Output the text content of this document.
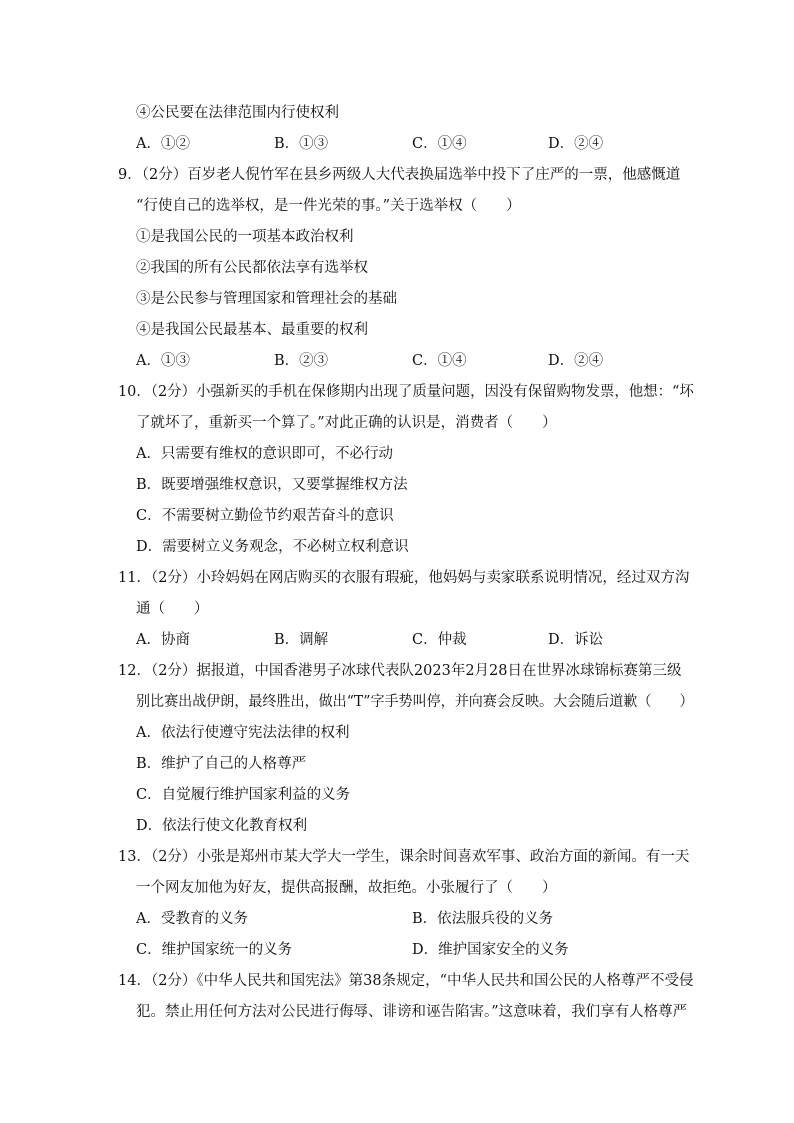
④公民要在法律范围内行使权利
A．①②	B．①③	C．①④	D．②④
9．（2分）百岁老人倪竹军在县乡两级人大代表换届选举中投下了庄严的一票，他感慨道
“行使自己的选举权，是一件光荣的事。”关于选举权（　　）
①是我国公民的一项基本政治权利
②我国的所有公民都依法享有选举权
③是公民参与管理国家和管理社会的基础
④是我国公民最基本、最重要的权利
A．①③	B．②③	C．①④	D．②④
10．（2分）小强新买的手机在保修期内出现了质量问题，因没有保留购物发票，他想：“坏
了就坏了，重新买一个算了。”对此正确的认识是，消费者（　　）
A．只需要有维权的意识即可，不必行动
B．既要增强维权意识，又要掌握维权方法
C．不需要树立勤俭节约艰苦奋斗的意识
D．需要树立义务观念，不必树立权利意识
11．（2分）小玲妈妈在网店购买的衣服有瑕疵，他妈妈与卖家联系说明情况，经过双方沟
通（　　）
A．协商	B．调解	C．仲裁	D．诉讼
12．（2分）据报道，中国香港男子冰球代表队2023年2月28日在世界冰球锦标赛第三级
别比赛出战伊朗，最终胜出，做出“T”字手势叫停，并向赛会反映。大会随后道歉（　　）
A．依法行使遵守宪法法律的权利
B．维护了自己的人格尊严
C．自觉履行维护国家利益的义务
D．依法行使文化教育权利
13．（2分）小张是郑州市某大学大一学生，课余时间喜欢军事、政治方面的新闻。有一天
一个网友加他为好友，提供高报酬，故拒绝。小张履行了（　　）
A．受教育的义务	B．依法服兵役的义务
C．维护国家统一的义务	D．维护国家安全的义务
14．（2分）《中华人民共和国宪法》第38条规定，“中华人民共和国公民的人格尊严不受侵
犯。禁止用任何方法对公民进行侮辱、诽谤和诬告陷害。”这意味着，我们享有人格尊严
